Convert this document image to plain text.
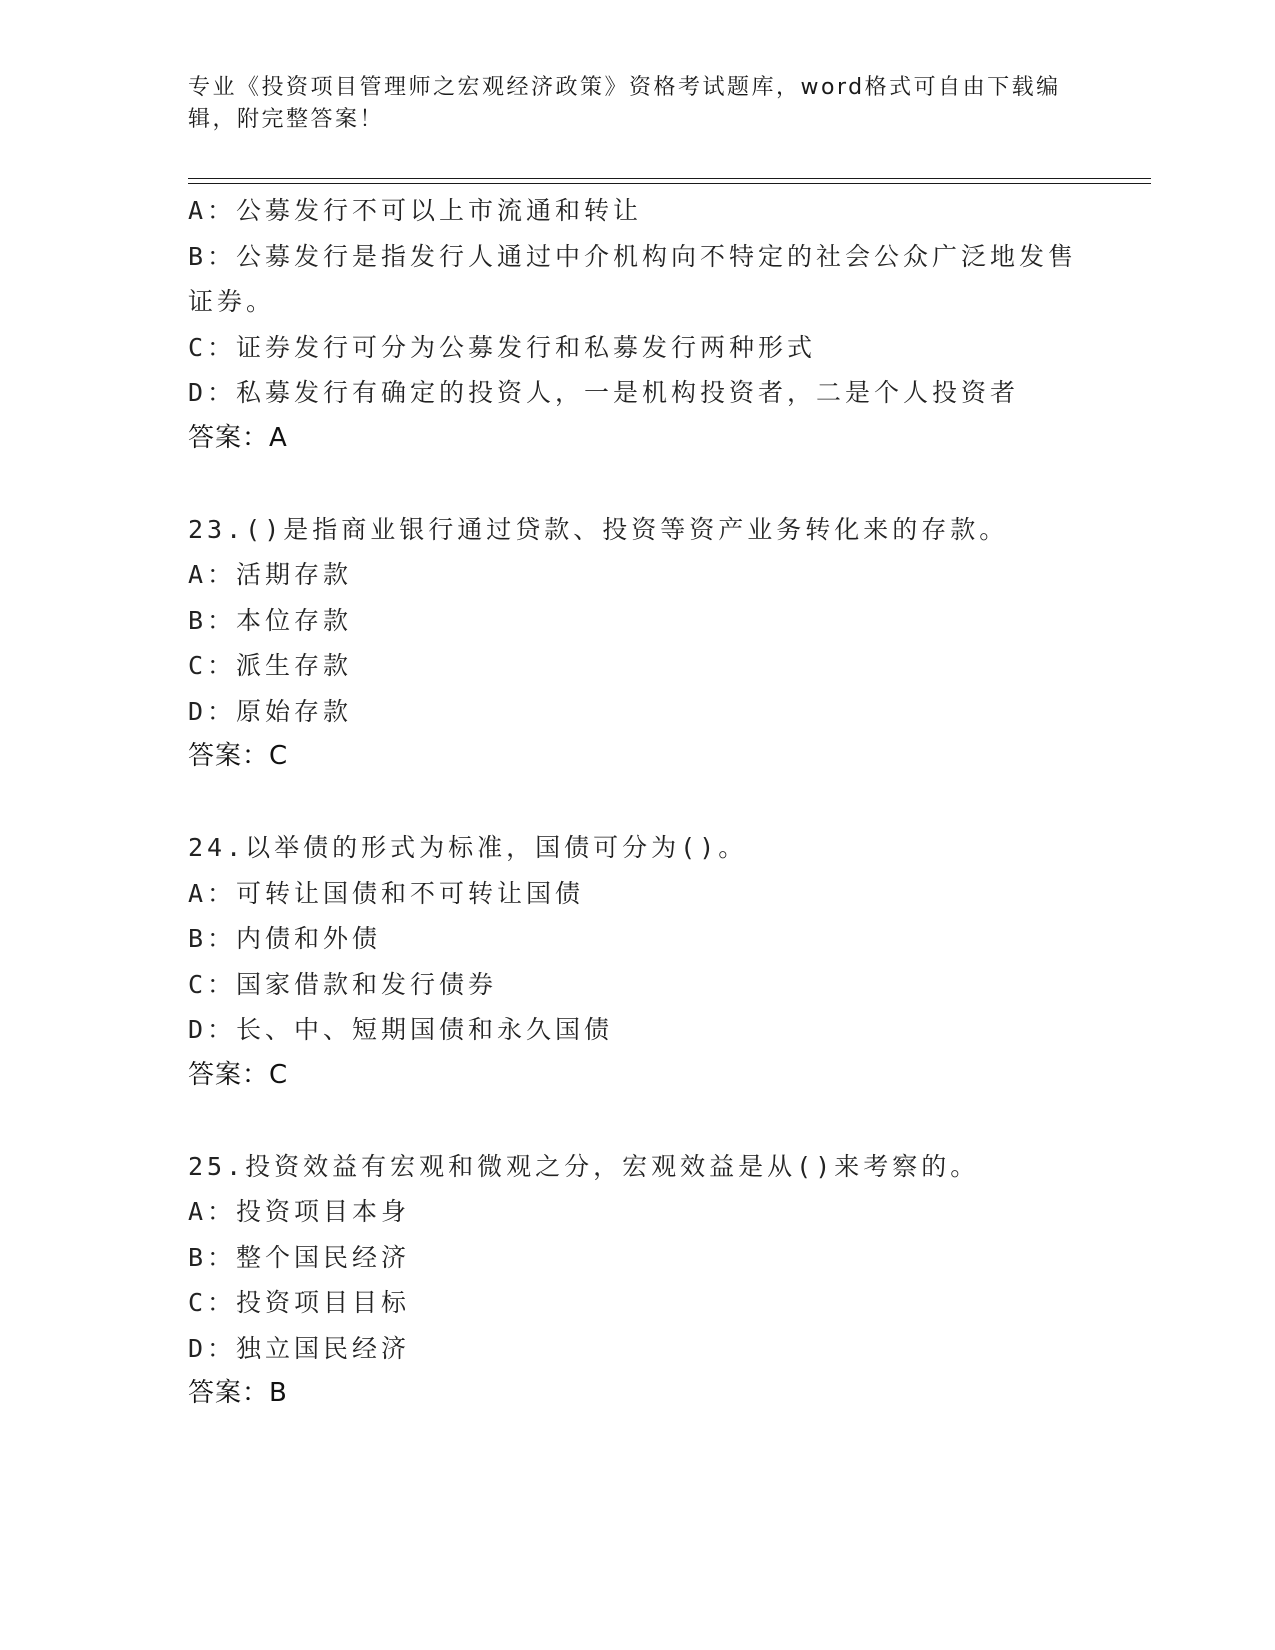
专业《投资项目管理师之宏观经济政策》资格考试题库，word格式可自由下载编
辑，附完整答案！
A：公募发行不可以上市流通和转让
B：公募发行是指发行人通过中介机构向不特定的社会公众广泛地发售
证券。
C：证券发行可分为公募发行和私募发行两种形式
D：私募发行有确定的投资人，一是机构投资者，二是个人投资者
答案：A
23.()是指商业银行通过贷款、投资等资产业务转化来的存款。
A：活期存款
B：本位存款
C：派生存款
D：原始存款
答案：C
24.以举债的形式为标准，国债可分为()。
A：可转让国债和不可转让国债
B：内债和外债
C：国家借款和发行债券
D：长、中、短期国债和永久国债
答案：C
25.投资效益有宏观和微观之分，宏观效益是从()来考察的。
A：投资项目本身
B：整个国民经济
C：投资项目目标
D：独立国民经济
答案：B
